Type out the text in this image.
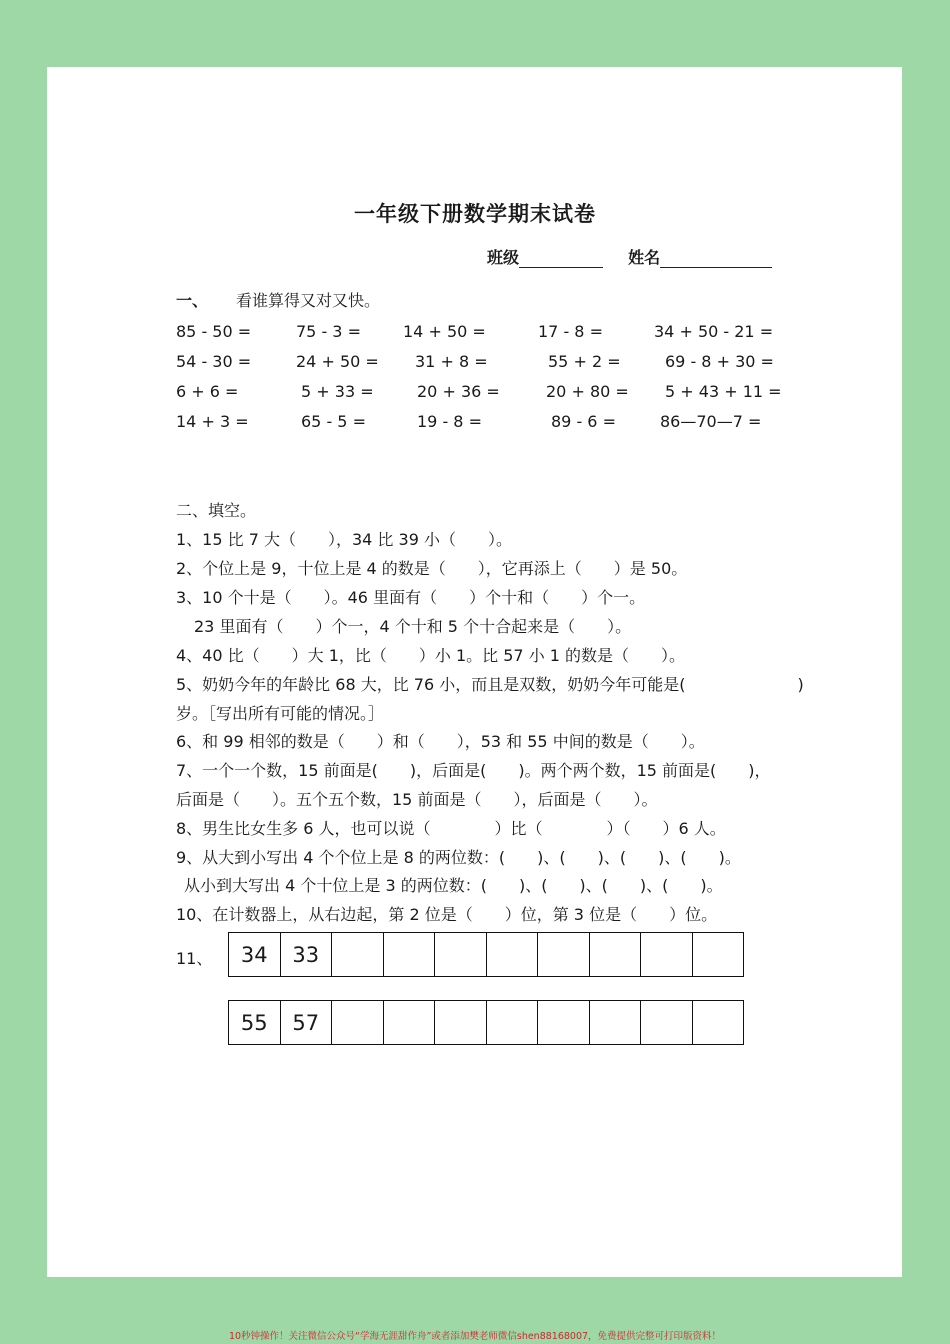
一年级下册数学期末试卷
班级	姓名
一、 看谁算得又对又快。
85 - 50 =	75 - 3 =	14 + 50 =	17 - 8 =	34 + 50 - 21 =
54 - 30 =	24 + 50 = 31 + 8 =	55 + 2 =	69 - 8 + 30 =
6 + 6 =	5 + 33 =	20 + 36 =	20 + 80 = 5 + 43 + 11 =
14 + 3 =	65 - 5 =	19 - 8 =	89 - 6 =	86—70—7 =
二、填空。
1、15 比 7 大（　　），34 比 39 小（　　）。
2、个位上是 9，十位上是 4 的数是（　　），它再添上（　　）是 50。
3、10 个十是（　　）。46 里面有（　　）个十和（　　）个一。
23 里面有（　　）个一，4 个十和 5 个十合起来是（　　）。
4、40 比（　　）大 1，比（　　）小 1。比 57 小 1 的数是（　　）。
5、奶奶今年的年龄比 68 大，比 76 小，而且是双数，奶奶今年可能是(　　　　　　　)
岁。［写出所有可能的情况。］
6、和 99 相邻的数是（　　）和（　　），53 和 55 中间的数是（　　）。
7、一个一个数，15 前面是(　　)，后面是(　　)。两个两个数，15 前面是(　　)，
后面是（　　）。五个五个数，15 前面是（　　），后面是（　　）。
8、男生比女生多 6 人，也可以说（　　　　）比（　　　　）（　　）6 人。
9、从大到小写出 4 个个位上是 8 的两位数：(　　)、(　　)、(　　)、(　　)。
从小到大写出 4 个十位上是 3 的两位数：(　　)、(　　)、(　　)、(　　)。
10、在计数器上，从右边起，第 2 位是（　　）位，第 3 位是（　　）位。
11、	34	33
55	57
10秒钟操作！关注微信公众号“学海无涯甜作舟”或者添加樊老师微信shen88168007，免费提供完整可打印版资料！
